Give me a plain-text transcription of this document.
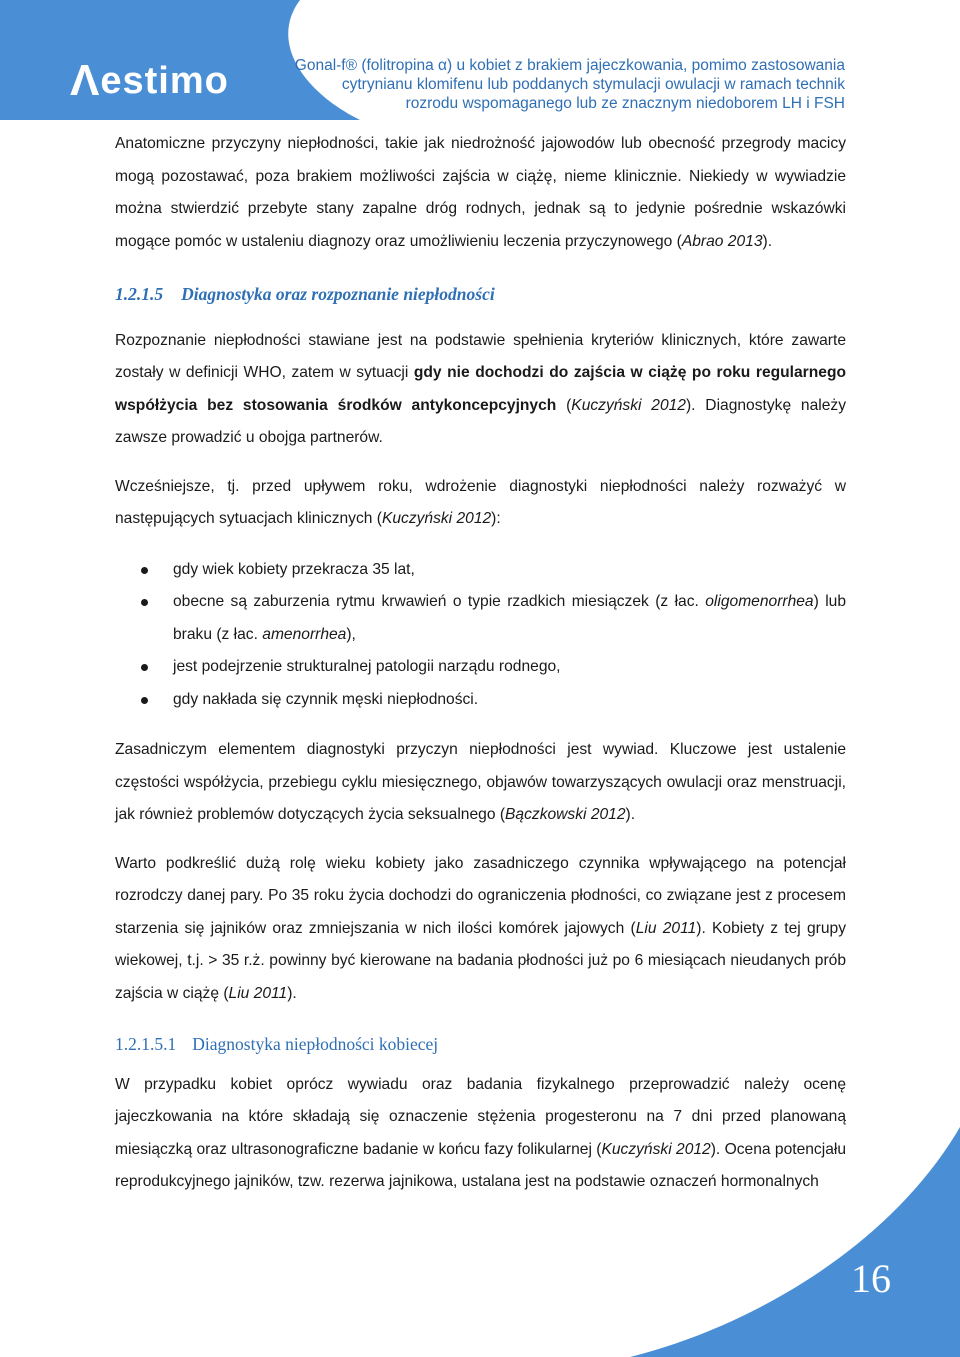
Λestimo	Gonal-f® (folitropina α) u kobiet z brakiem jajeczkowania, pomimo zastosowania
cytrynianu klomifenu lub poddanych stymulacji owulacji w ramach technik
rozrodu wspomaganego lub ze znacznym niedoborem LH i FSH

Anatomiczne przyczyny niepłodności, takie jak niedrożność jajowodów lub obecność przegrody macicy mogą pozostawać, poza brakiem możliwości zajścia w ciążę, nieme klinicznie. Niekiedy w wywiadzie można stwierdzić przebyte stany zapalne dróg rodnych, jednak są to jedynie pośrednie wskazówki mogące pomóc w ustaleniu diagnozy oraz umożliwieniu leczenia przyczynowego (Abrao 2013).

1.2.1.5 Diagnostyka oraz rozpoznanie niepłodności

Rozpoznanie niepłodności stawiane jest na podstawie spełnienia kryteriów klinicznych, które zawarte zostały w definicji WHO, zatem w sytuacji gdy nie dochodzi do zajścia w ciążę po roku regularnego współżycia bez stosowania środków antykoncepcyjnych (Kuczyński 2012). Diagnostykę należy zawsze prowadzić u obojga partnerów.

Wcześniejsze, tj. przed upływem roku, wdrożenie diagnostyki niepłodności należy rozważyć w następujących sytuacjach klinicznych (Kuczyński 2012):

gdy wiek kobiety przekracza 35 lat,
obecne są zaburzenia rytmu krwawień o typie rzadkich miesiączek (z łac. oligomenorrhea) lub braku (z łac. amenorrhea),
jest podejrzenie strukturalnej patologii narządu rodnego,
gdy nakłada się czynnik męski niepłodności.

Zasadniczym elementem diagnostyki przyczyn niepłodności jest wywiad. Kluczowe jest ustalenie częstości współżycia, przebiegu cyklu miesięcznego, objawów towarzyszących owulacji oraz menstruacji, jak również problemów dotyczących życia seksualnego (Bączkowski 2012).

Warto podkreślić dużą rolę wieku kobiety jako zasadniczego czynnika wpływającego na potencjał rozrodczy danej pary. Po 35 roku życia dochodzi do ograniczenia płodności, co związane jest z procesem starzenia się jajników oraz zmniejszania w nich ilości komórek jajowych (Liu 2011). Kobiety z tej grupy wiekowej, t.j. > 35 r.ż. powinny być kierowane na badania płodności już po 6 miesiącach nieudanych prób zajścia w ciążę (Liu 2011).

1.2.1.5.1 Diagnostyka niepłodności kobiecej

W przypadku kobiet oprócz wywiadu oraz badania fizykalnego przeprowadzić należy ocenę jajeczkowania na które składają się oznaczenie stężenia progesteronu na 7 dni przed planowaną miesiączką oraz ultrasonograficzne badanie w końcu fazy folikularnej (Kuczyński 2012). Ocena potencjału reprodukcyjnego jajników, tzw. rezerwa jajnikowa, ustalana jest na podstawie oznaczeń hormonalnych

16
